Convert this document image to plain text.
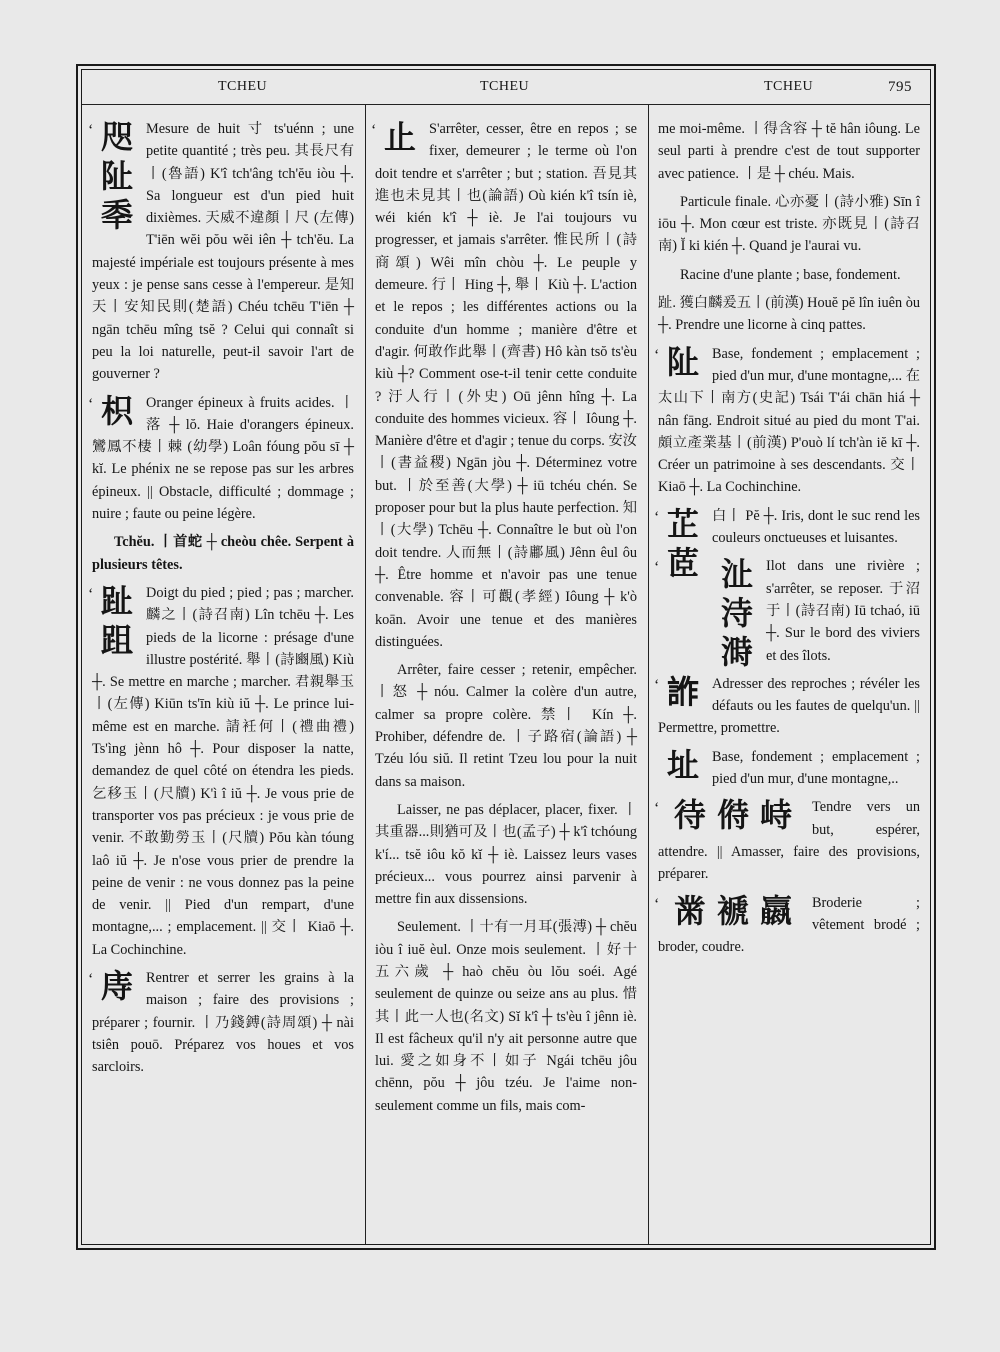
TCHEU	TCHEU	TCHEU	795
‘ 咫
阯
䄹
Mesure de huit 寸 ts'uénn ; une petite quantité ; très peu. 其長尺有丨(魯語) K'î tch'âng tch'ĕu iòu ┼. Sa longueur est d'un pied huit dixièmes. 天威不違顏丨尺 (左傳) T'iēn wĕi pŏu wĕi iên ┼ tch'ĕu. La majesté impériale est toujours présente à mes yeux : je pense sans cesse à l'empereur. 是知天丨安知民則(楚語) Chéu tchēu T'iēn ┼ ngān tchēu mîng tsĕ ? Celui qui connaît si peu la loi naturelle, peut-il savoir l'art de gouverner ?
‘ 枳 Oranger épineux à fruits acides. 丨落 ┼ lŏ. Haie d'orangers épineux. 鸞鳳不棲丨棘 (幼學) Loân fóung pŏu sī ┼ kĭ. Le phénix ne se repose pas sur les arbres épineux. || Obstacle, difficulté ; dommage ; nuire ; faute ou peine légère.
Tchĕu. 丨首蛇 ┼ cheòu chêe. Serpent à plusieurs têtes.
‘ 趾
跙
Doigt du pied ; pied ; pas ; marcher. 麟之丨(詩召南) Lîn tchēu ┼. Les pieds de la licorne : présage d'une illustre postérité. 舉丨(詩豳風) Kiù ┼. Se mettre en marche ; marcher. 君親舉玉丨(左傳) Kiūn ts'īn kiù iŭ ┼. Le prince lui-même est en marche. 請衽何丨(禮曲禮) Ts'ìng jènn hô ┼. Pour disposer la natte, demandez de quel côté on étendra les pieds. 乞移玉丨(尺牘) K'ì î iŭ ┼. Je vous prie de transporter vos pas précieux : je vous prie de venir. 不敢勤勞玉丨(尺牘) Pŏu kàn tóung laô iŭ ┼. Je n'ose vous prier de prendre la peine de venir : ne vous donnez pas la peine de venir. || Pied d'un rempart, d'une montagne,... ; emplacement. || 交丨 Kiaō ┼. La Cochinchine.
‘ 庤 Rentrer et serrer les grains à la maison ; faire des provisions ; préparer ; fournir. 丨乃錢鎛(詩周頌) ┼ nài tsiên pouō. Préparez vos houes et vos sarcloirs.
‘ 止 S'arrêter, cesser, être en repos ; se fixer, demeurer ; le terme où l'on doit tendre et s'arrêter ; but ; station. 吾見其進也未見其丨也(論語) Où kién k'î tsín iè, wéi kién k'î ┼ iè. Je l'ai toujours vu progresser, et jamais s'arrêter. 惟民所丨(詩商頌) Wêi mîn chòu ┼. Le peuple y demeure. 行丨 Hing ┼, 舉丨 Kiù ┼. L'action et le repos ; les différentes actions ou la conduite d'un homme ; manière d'être et d'agir. 何敢作此舉丨(齊書) Hô kàn tsŏ ts'èu kiù ┼? Comment ose-t-il tenir cette conduite ? 汙人行丨(外史) Oū jênn hîng ┼. La conduite des hommes vicieux. 容丨 Iôung ┼. Manière d'être et d'agir ; tenue du corps. 安汝丨(書益稷) Ngān jòu ┼. Déterminez votre but. 丨於至善(大學) ┼ iū tchéu chén. Se proposer pour but la plus haute perfection. 知丨(大學) Tchēu ┼. Connaître le but où l'on doit tendre. 人而無丨(詩鄘風) Jênn êul ôu ┼. Être homme et n'avoir pas une tenue convenable. 容丨可觀(孝經) Iôung ┼ k'ò koān. Avoir une tenue et des manières distinguées.
Arrêter, faire cesser ; retenir, empêcher. 丨怒 ┼ nóu. Calmer la colère d'un autre, calmer sa propre colère. 禁丨 Kín ┼. Prohiber, défendre de. 丨子路宿(論語) ┼ Tzéu lóu siŭ. Il retint Tzeu lou pour la nuit dans sa maison.
Laisser, ne pas déplacer, placer, fixer. 丨其重器...則猶可及丨也(孟子) ┼ k'î tchóung k'í... tsĕ iôu kŏ kĭ ┼ iè. Laissez leurs vases précieux... vous pourrez ainsi parvenir à mettre fin aux dissensions.
Seulement. 丨十有一月耳(張溥) ┼ chĕu iòu î iuĕ èul. Onze mois seulement. 丨好十五六歲 ┼ haò chĕu òu lŏu soéi. Agé seulement de quinze ou seize ans au plus. 惜其丨此一人也(名文) Sĭ k'î ┼ ts'èu î jênn iè. Il est fâcheux qu'il n'y ait personne autre que lui. 愛之如身不丨如子 Ngái tchēu jôu chēnn, pŏu ┼ jôu tzéu. Je l'aime non-seulement comme un fils, mais com-
me moi-même. 丨得含容 ┼ tĕ hân iôung. Le seul parti à prendre c'est de tout supporter avec patience. 丨是 ┼ chéu. Mais.
Particule finale. 心亦憂丨(詩小雅) Sīn î iōu ┼. Mon cœur est triste. 亦既見丨(詩召南) Ĭ ki kién ┼. Quand je l'aurai vu.
Racine d'une plante ; base, fondement.
趾. 獲白麟爰五丨(前漢) Houĕ pĕ lîn iuên òu ┼. Prendre une licorne à cinq pattes.
‘ 阯 Base, fondement ; emplacement ; pied d'un mur, d'une montagne,... 在太山下丨南方(史記) Tsái T'ái chān hiá ┼ nân fāng. Endroit situé au pied du mont T'ai. 頗立產業基丨(前漢) P'ouò lí tch'àn iĕ kī ┼. Créer un patrimoine à ses descendants. 交丨 Kiaō ┼. La Cochinchine.
‘ 芷
茝
白丨 Pĕ ┼. Iris, dont le suc rend les couleurs onctueuses et luisantes.
‘ 沚
洔
溡
Ilot dans une rivière ; s'arrêter, se reposer. 于沼于丨(詩召南) Iū tchaó, iū ┼. Sur le bord des viviers et des îlots.
‘ 𧧻 Adresser des reproches ; révéler les défauts ou les fautes de quelqu'un. || Permettre, promettre.
址 Base, fondement ; emplacement ; pied d'un mur, d'une montagne,..
‘ 待 偫 峙	Tendre vers un but, espérer, attendre. || Amasser, faire des provisions, préparer.
‘ 黹 褫 𧝹	Broderie ; vêtement brodé ; broder, coudre.
